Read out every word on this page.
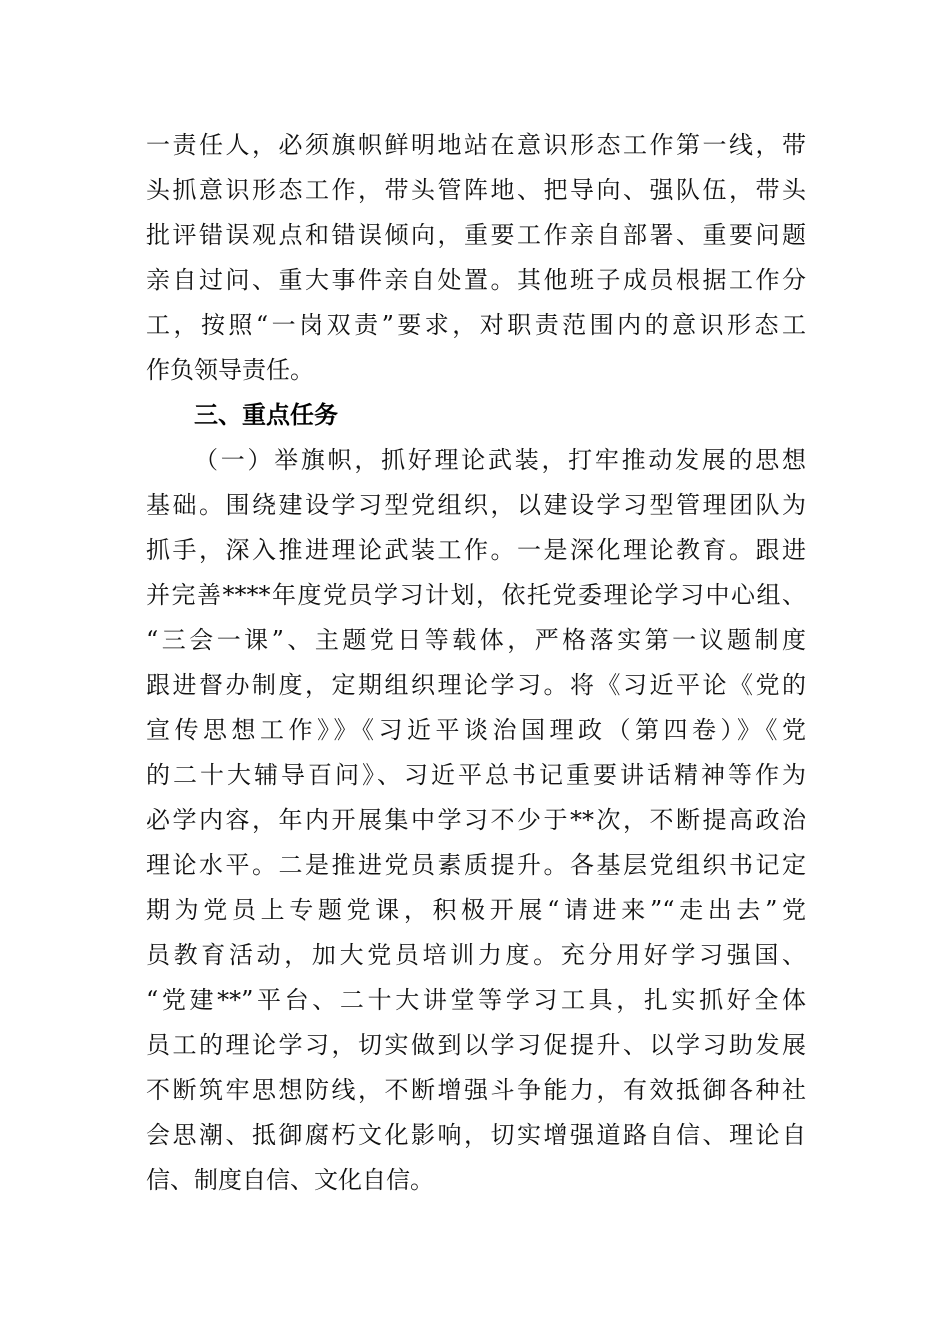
一责任人，必须旗帜鲜明地站在意识形态工作第一线，带
头抓意识形态工作，带头管阵地、把导向、强队伍，带头
批评错误观点和错误倾向，重要工作亲自部署、重要问题
亲自过问、重大事件亲自处置。其他班子成员根据工作分
工，按照“一岗双责”要求，对职责范围内的意识形态工
作负领导责任。
三、重点任务
（一）举旗帜，抓好理论武装，打牢推动发展的思想
基础。围绕建设学习型党组织，以建设学习型管理团队为
抓手，深入推进理论武装工作。一是深化理论教育。跟进
并完善****年度党员学习计划，依托党委理论学习中心组、
“三会一课”、主题党日等载体，严格落实第一议题制度
跟进督办制度，定期组织理论学习。将《习近平论《党的
宣传思想工作》》《习近平谈治国理政（第四卷）》《党
的二十大辅导百问》、习近平总书记重要讲话精神等作为
必学内容，年内开展集中学习不少于**次，不断提高政治
理论水平。二是推进党员素质提升。各基层党组织书记定
期为党员上专题党课，积极开展“请进来”“走出去”党
员教育活动，加大党员培训力度。充分用好学习强国、
“党建**”平台、二十大讲堂等学习工具，扎实抓好全体
员工的理论学习，切实做到以学习促提升、以学习助发展
不断筑牢思想防线，不断增强斗争能力，有效抵御各种社
会思潮、抵御腐朽文化影响，切实增强道路自信、理论自
信、制度自信、文化自信。
